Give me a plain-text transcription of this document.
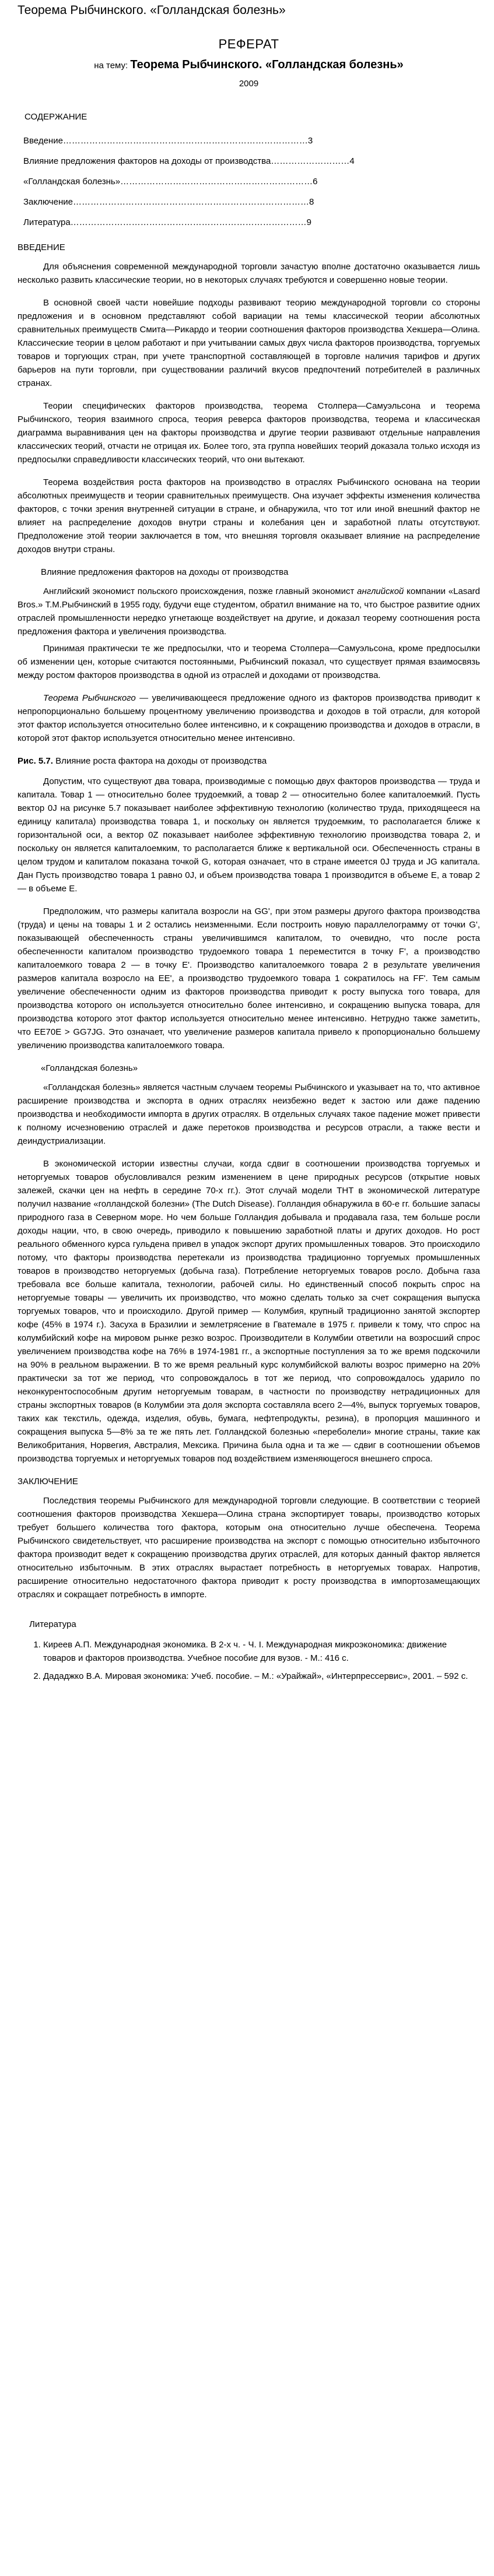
Теорема Рыбчинского. «Голландская болезнь»
РЕФЕРАТ
на тему: Теорема Рыбчинского. «Голландская болезнь»
2009
СОДЕРЖАНИЕ
Введение…………………………………………………………………………3
Влияние предложения факторов на доходы от производства………………………4
«Голландская болезнь»…………………………………………………………6
Заключение………………………………………………………………………8
Литература………………………………………………………………………9
ВВЕДЕНИЕ

Для объяснения современной международной торговли зачастую вполне достаточно оказывается лишь несколько развить классические теории, но в некоторых случаях требуются и совершенно новые теории.

В основной своей части новейшие подходы развивают теорию международной торговли со стороны предложения и в основном представляют собой вариации на темы классической теории абсолютных сравнительных преимуществ Смита—Рикардо и теории соотношения факторов производства Хекшера—Олина. Классические теории в целом работают и при учитывании самых двух числа факторов производства, торгуемых товаров и торгующих стран, при учете транспортной составляющей в торговле наличия тарифов и других барьеров на пути торговли, при существовании различий вкусов предпочтений потребителей в различных странах.

Теории специфических факторов производства, теорема Столпера—Самуэльсона и теорема Рыбчинского, теория взаимного спроса, теория реверса факторов производства, теорема и классическая диаграмма выравнивания цен на факторы производства и другие теории развивают отдельные направления классических теорий, отчасти не отрицая их. Более того, эта группа новейших теорий доказала только исходя из предпосылки справедливости классических теорий, что они вытекают.

Теорема воздействия роста факторов на производство в отраслях Рыбчинского основана на теории абсолютных преимуществ и теории сравнительных преимуществ. Она изучает эффекты изменения количества факторов, с точки зрения внутренней ситуации в стране, и обнаружила, что тот или иной внешний фактор не влияет на распределение доходов внутри страны и колебания цен и заработной платы отсутствуют. Предположение этой теории заключается в том, что внешняя торговля оказывает влияние на распределение доходов внутри страны.

Влияние предложения факторов на доходы от производства

Английский экономист польского происхождения, позже главный экономист английской компании «Lasard Bros.» Т.М.Рыбчинский в 1955 году, будучи еще студентом, обратил внимание на то, что быстрое развитие одних отраслей промышленности нередко угнетающе воздействует на другие, и доказал теорему соотношения роста предложения фактора и увеличения производства.

Принимая практически те же предпосылки, что и теорема Столпера—Самуэльсона, кроме предпосылки об изменении цен, которые считаются постоянными, Рыбчинский показал, что существует прямая взаимосвязь между ростом факторов производства в одной из отраслей и доходами от производства.

Теорема Рыбчинского — увеличивающееся предложение одного из факторов производства приводит к непропорционально большему процентному увеличению производства и доходов в той отрасли, для которой этот фактор используется относительно более интенсивно, и к сокращению производства и доходов в отрасли, в которой этот фактор используется относительно менее интенсивно.

Рис. 5.7. Влияние роста фактора на доходы от производства

Допустим, что существуют два товара, производимые с помощью двух факторов производства — труда и капитала. Товар 1 — относительно более трудоемкий, а товар 2 — относительно более капиталоемкий. Пусть вектор 0J на рисунке 5.7 показывает наиболее эффективную технологию (количество труда, приходящееся на единицу капитала) производства товара 1, и поскольку он является трудоемким, то располагается ближе к горизонтальной оси, а вектор 0Z показывает наиболее эффективную технологию производства товара 2, и поскольку он является капиталоемким, то располагается ближе к вертикальной оси. Обеспеченность страны в целом трудом и капиталом показана точкой G, которая означает, что в стране имеется 0J труда и JG капитала. Дан Пусть производство товара 1 равно 0J, и объем производства товара 1 производится в объеме E, а товар 2 — в объеме E.

Предположим, что размеры капитала возросли на GG', при этом размеры другого фактора производства (труда) и цены на товары 1 и 2 остались неизменными. Если построить новую параллелограмму от точки G', показывающей обеспеченность страны увеличившимся капиталом, то очевидно, что после роста обеспеченности капиталом производство трудоемкого товара 1 переместится в точку F', а производство капиталоемкого товара 2 — в точку E'. Производство капиталоемкого товара 2 в результате увеличения размеров капитала возросло на EE', а производство трудоемкого товара 1 сократилось на FF'. Тем самым увеличение обеспеченности одним из факторов производства приводит к росту выпуска того товара, для производства которого он используется относительно более интенсивно, и сокращению выпуска товара, для производства которого этот фактор используется относительно менее интенсивно. Нетрудно также заметить, что EE70E > GG7JG. Это означает, что увеличение размеров капитала привело к пропорционально большему увеличению производства капиталоемкого товара.

«Голландская болезнь»

«Голландская болезнь» является частным случаем теоремы Рыбчинского и указывает на то, что активное расширение производства и экспорта в одних отраслях неизбежно ведет к застою или даже падению производства и необходимости импорта в других отраслях. В отдельных случаях такое падение может привести к полному исчезновению отраслей и даже перетоков производства и ресурсов отрасли, а также вести и деиндустриализации.

В экономической истории известны случаи, когда сдвиг в соотношении производства торгуемых и неторгуемых товаров обусловливался резким изменением в цене природных ресурсов (открытие новых залежей, скачки цен на нефть в середине 70-х гг.). Этот случай модели ТНТ в экономической литературе получил название «голландской болезни» (The Dutch Disease). Голландия обнаружила в 60-е гг. большие запасы природного газа в Северном море. Но чем больше Голландия добывала и продавала газа, тем больше росли доходы нации, что, в свою очередь, приводило к повышению заработной платы и других доходов. Но рост реального обменного курса гульдена привел в упадок экспорт других промышленных товаров. Это происходило потому, что факторы производства перетекали из производства традиционно торгуемых промышленных товаров в производство неторгуемых (добыча газа). Потребление неторгуемых товаров росло. Добыча газа требовала все больше капитала, технологии, рабочей силы. Но единственный способ покрыть спрос на неторгуемые товары — увеличить их производство, что можно сделать только за счет сокращения выпуска торгуемых товаров, что и происходило. Другой пример — Колумбия, крупный традиционно занятой экспортер кофе (45% в 1974 г.). Засуха в Бразилии и землетрясение в Гватемале в 1975 г. привели к тому, что спрос на колумбийский кофе на мировом рынке резко возрос. Производители в Колумбии ответили на возросший спрос увеличением производства кофе на 76% в 1974-1981 гг., а экспортные поступления за то же время подскочили на 90% в реальном выражении. В то же время реальный курс колумбийской валюты возрос примерно на 20% практически за тот же период, что сопровождалось в тот же период, что сопровождалось ударило по неконкурентоспособным другим неторгуемым товарам, в частности по производству нетрадиционных для страны экспортных товаров (в Колумбии эта доля экспорта составляла всего 2—4%, выпуск торгуемых товаров, таких как текстиль, одежда, изделия, обувь, бумага, нефтепродукты, резина), в пропорция машинного и сокращения выпуска 5—8% за те же пять лет. Голландской болезнью «переболели» многие страны, такие как Великобритания, Норвегия, Австралия, Мексика. Причина была одна и та же — сдвиг в соотношении объемов производства торгуемых и неторгуемых товаров под воздействием изменяющегося внешнего спроса.

ЗАКЛЮЧЕНИЕ

Последствия теоремы Рыбчинского для международной торговли следующие. В соответствии с теорией соотношения факторов производства Хекшера—Олина страна экспортирует товары, производство которых требует большего количества того фактора, которым она относительно лучше обеспечена. Теорема Рыбчинского свидетельствует, что расширение производства на экспорт с помощью относительно избыточного фактора производит ведет к сокращению производства других отраслей, для которых данный фактор является относительно избыточным. В этих отраслях вырастает потребность в неторгуемых товарах. Напротив, расширение относительно недостаточного фактора приводит к росту производства в импортозамещающих отраслях и сокращает потребность в импорте.

Литература
1. Киреев А.П. Международная экономика. В 2-х ч. - Ч. I. Международная микроэкономика: движение товаров и факторов производства. Учебное пособие для вузов. - М.: 416 с.
2. Дададжко В.А. Мировая экономика: Учеб. пособие. – М.: «Урайжай», «Интерпрессервис», 2001. – 592 с.
